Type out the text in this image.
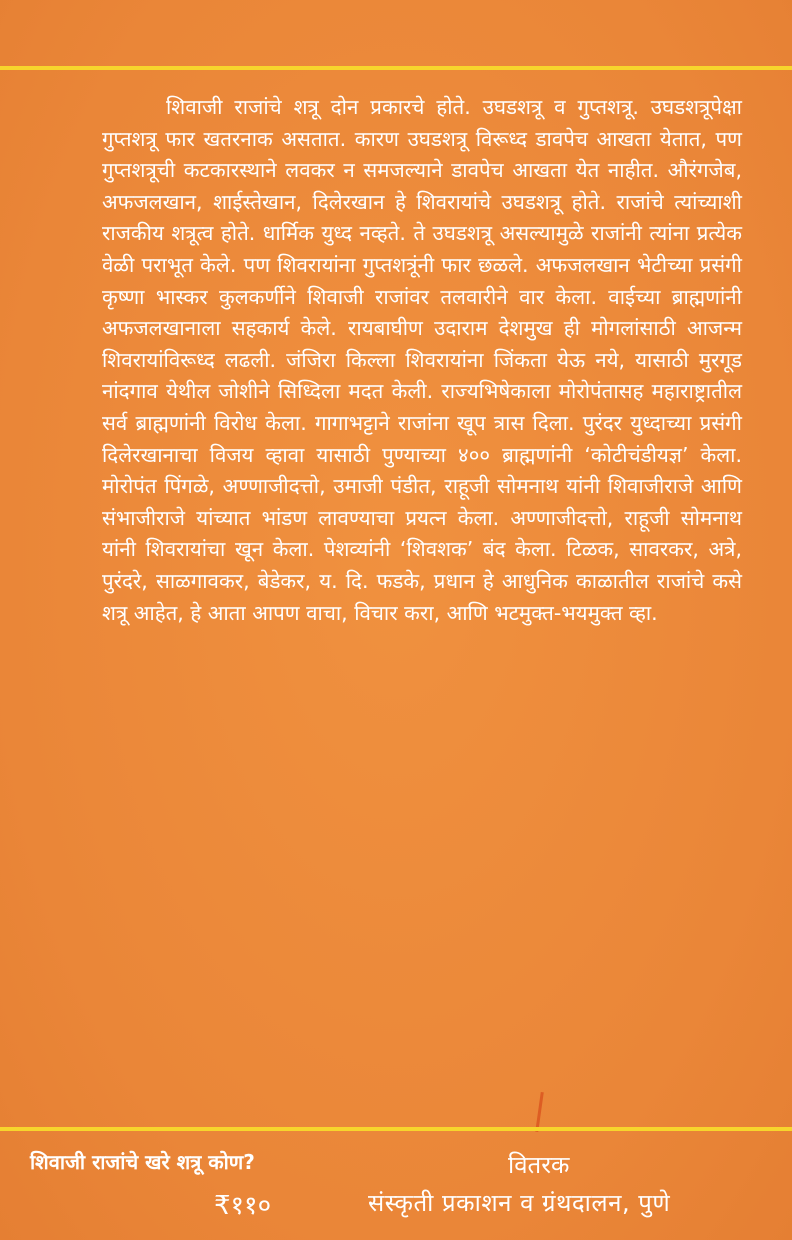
शिवाजी राजांचे शत्रू दोन प्रकारचे होते. उघडशत्रू व गुप्तशत्रू. उघडशत्रूपेक्षा गुप्तशत्रू फार खतरनाक असतात. कारण उघडशत्रू विरूध्द डावपेच आखता येतात, पण गुप्तशत्रूची कटकारस्थाने लवकर न समजल्याने डावपेच आखता येत नाहीत. औरंगजेब, अफजलखान, शाईस्तेखान, दिलेरखान हे शिवरायांचे उघडशत्रू होते. राजांचे त्यांच्याशी राजकीय शत्रूत्व होते. धार्मिक युध्द नव्हते. ते उघडशत्रू असल्यामुळे राजांनी त्यांना प्रत्येक वेळी पराभूत केले. पण शिवरायांना गुप्तशत्रूंनी फार छळले. अफजलखान भेटीच्या प्रसंगी कृष्णा भास्कर कुलकर्णीने शिवाजी राजांवर तलवारीने वार केला. वाईच्या ब्राह्मणांनी अफजलखानाला सहकार्य केले. रायबाघीण उदाराम देशमुख ही मोगलांसाठी आजन्म शिवरायांविरूध्द लढली. जंजिरा किल्ला शिवरायांना जिंकता येऊ नये, यासाठी मुरगूड नांदगाव येथील जोशीने सिध्दिला मदत केली. राज्यभिषेकाला मोरोपंतासह महाराष्ट्रातील सर्व ब्राह्मणांनी विरोध केला. गागाभट्टाने राजांना खूप त्रास दिला. पुरंदर युध्दाच्या प्रसंगी दिलेरखानाचा विजय व्हावा यासाठी पुण्याच्या ४०० ब्राह्मणांनी ‘कोटीचंडीयज्ञ’ केला. मोरोपंत पिंगळे, अण्णाजीदत्तो, उमाजी पंडीत, राहूजी सोमनाथ यांनी शिवाजीराजे आणि संभाजीराजे यांच्यात भांडण लावण्याचा प्रयत्न केला. अण्णाजीदत्तो, राहूजी सोमनाथ यांनी शिवरायांचा खून केला. पेशव्यांनी ‘शिवशक’ बंद केला. टिळक, सावरकर, अत्रे, पुरंदरे, साळगावकर, बेडेकर, य. दि. फडके, प्रधान हे आधुनिक काळातील राजांचे कसे शत्रू आहेत, हे आता आपण वाचा, विचार करा, आणि भटमुक्त-भयमुक्त व्हा.

शिवाजी राजांचे खरे शत्रू कोण?

₹११०

वितरक

संस्कृती प्रकाशन व ग्रंथदालन, पुणे
